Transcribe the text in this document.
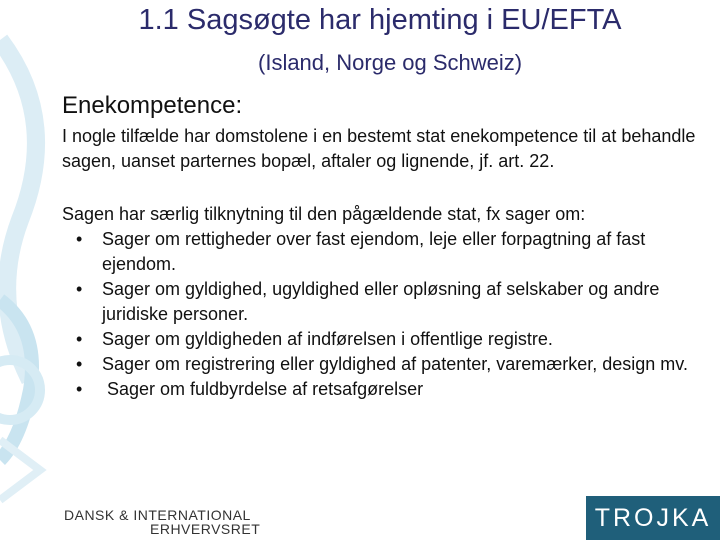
1.1 Sagsøgte har hjemting i EU/EFTA
(Island, Norge og Schweiz)
Enekompetence:
I nogle tilfælde har domstolene i en bestemt stat enekompetence til at behandle sagen, uanset parternes bopæl, aftaler og lignende, jf. art. 22.
Sagen har særlig tilknytning til den pågældende stat, fx sager om:
• Sager om rettigheder over fast ejendom, leje eller forpagtning af fast ejendom.
• Sager om gyldighed, ugyldighed eller opløsning af selskaber og andre juridiske personer.
• Sager om gyldigheden af indførelsen i offentlige registre.
• Sager om registrering eller gyldighed af patenter, varemærker, design mv.
• Sager om fuldbyrdelse af retsafgørelser
DANSK & INTERNATIONAL
ERHVERVSRET	TROJKA
